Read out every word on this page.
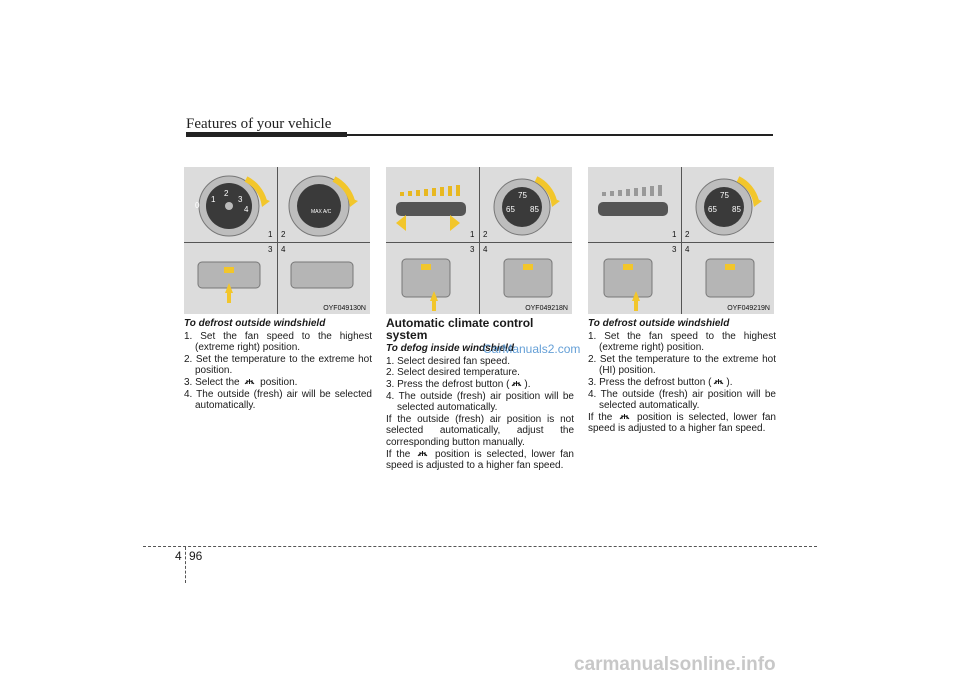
Features of your vehicle
0
1
2
3
4	MAX A/C
1 2
3 4
OYF049130N
75
65 85
1 2
3 4
OYF049218N
75
65 85
1 2
3 4
OYF049219N
To defrost outside windshield
1. Set the fan speed to the highest (extreme right) position.
2. Set the temperature to the extreme hot position.
3. Select the position.
4. The outside (fresh) air will be selected automatically.
Automatic climate control system
To defog inside windshield
1. Select desired fan speed.
2. Select desired temperature.
3. Press the defrost button ( ).
4. The outside (fresh) air position will be selected automatically.
If the outside (fresh) air position is not selected automatically, adjust the corresponding button manually.
If the position is selected, lower fan speed is adjusted to a higher fan speed.
To defrost outside windshield
1. Set the fan speed to the highest (extreme right) position.
2. Set the temperature to the extreme hot (HI) position.
3. Press the defrost button ( ).
4. The outside (fresh) air position will be selected automatically.
If the position is selected, lower fan speed is adjusted to a higher fan speed.
CarManuals2.com
4 96
carmanualsonline.info
